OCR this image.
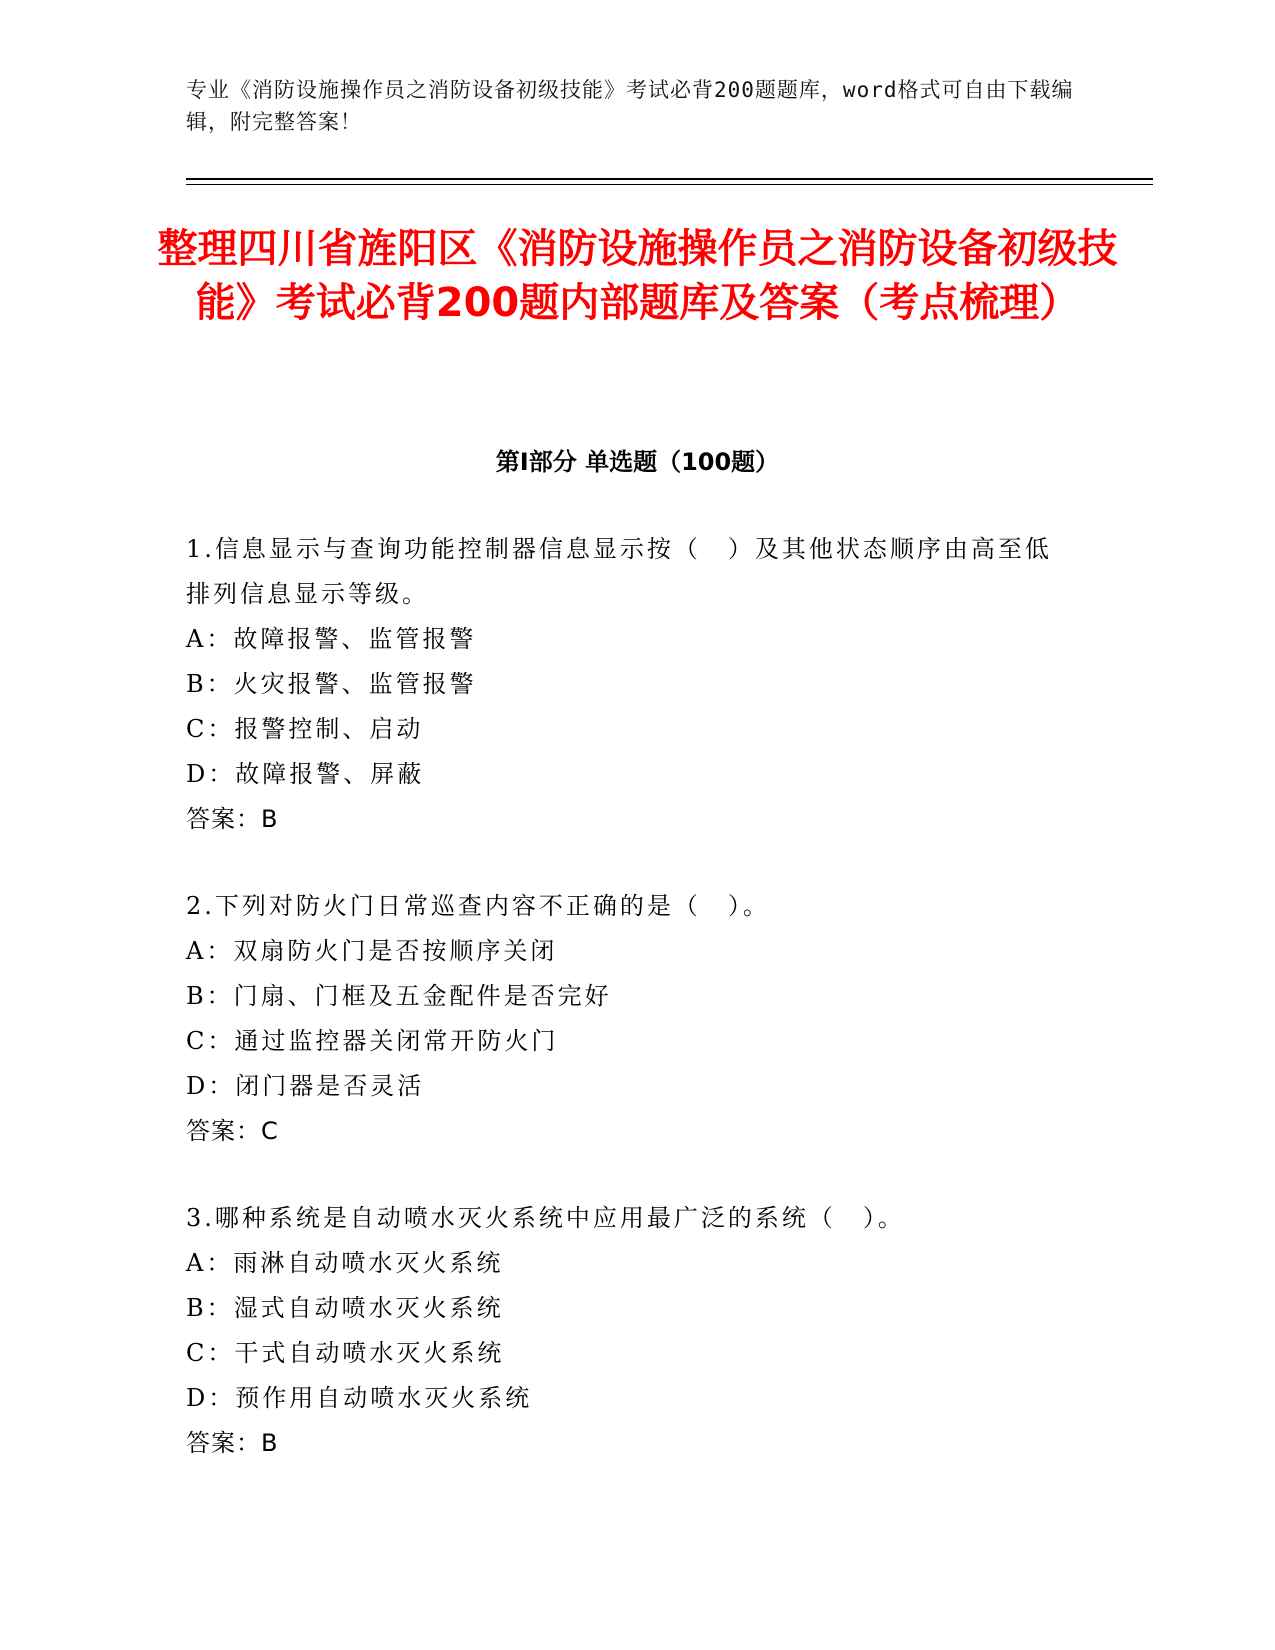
专业《消防设施操作员之消防设备初级技能》考试必背200题题库，word格式可自由下载编辑，附完整答案！
整理四川省旌阳区《消防设施操作员之消防设备初级技能》考试必背200题内部题库及答案（考点梳理）
第I部分 单选题（100题）
1.信息显示与查询功能控制器信息显示按（　）及其他状态顺序由高至低排列信息显示等级。
A：故障报警、监管报警
B：火灾报警、监管报警
C：报警控制、启动
D：故障报警、屏蔽
答案：B
2.下列对防火门日常巡查内容不正确的是（　）。
A：双扇防火门是否按顺序关闭
B：门扇、门框及五金配件是否完好
C：通过监控器关闭常开防火门
D：闭门器是否灵活
答案：C
3.哪种系统是自动喷水灭火系统中应用最广泛的系统（　）。
A：雨淋自动喷水灭火系统
B：湿式自动喷水灭火系统
C：干式自动喷水灭火系统
D：预作用自动喷水灭火系统
答案：B
